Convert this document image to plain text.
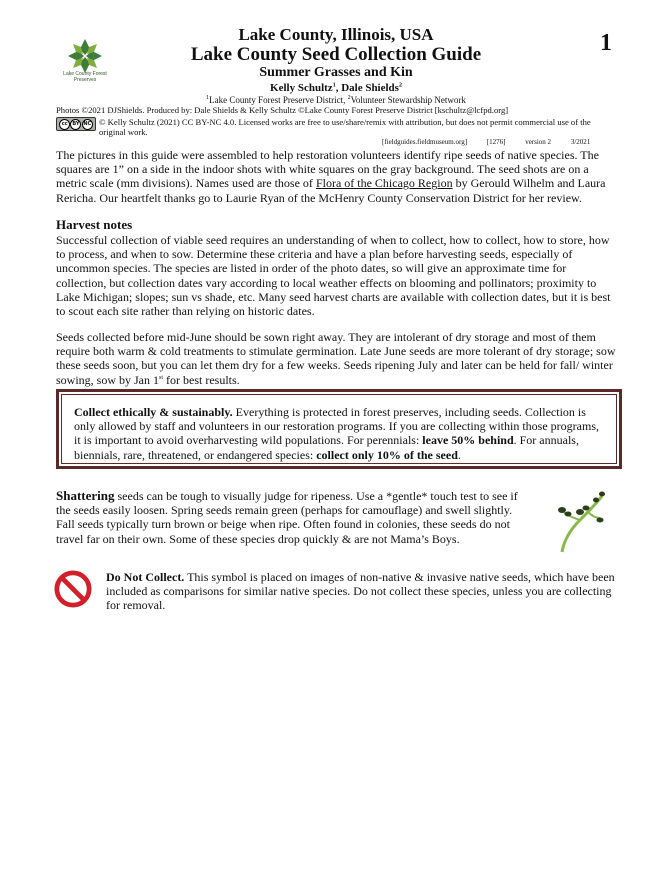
Lake County Forest Preserves
1
Lake County, Illinois, USA
Lake County Seed Collection Guide
Summer Grasses and Kin
Kelly Schultz$^1$, Dale Shields$^2$
$^1$Lake County Forest Preserve District, $^2$Volunteer Stewardship Network
Photos ©2021 DJShields. Produced by: Dale Shields & Kelly Schultz ©Lake County Forest Preserve District [kschultz@lcfpd.org]
cc BY NC © Kelly Schultz (2021) CC BY-NC 4.0. Licensed works are free to use/share/remix with attribution, but does not permit commercial use of the original work.
[fieldguides.fieldmuseum.org]	[1276]	version 2	3/2021
The pictures in this guide were assembled to help restoration volunteers identify ripe seeds of native species. The squares are 1” on a side in the indoor shots with white squares on the gray background. The seed shots are on a metric scale (mm divisions). Names used are those of Flora of the Chicago Region by Gerould Wilhelm and Laura Rericha. Our heartfelt thanks go to Laurie Ryan of the McHenry County Conservation District for her review.
Harvest notes
Successful collection of viable seed requires an understanding of when to collect, how to collect, how to store, how to process, and when to sow. Determine these criteria and have a plan before harvesting seeds, especially of uncommon species. The species are listed in order of the photo dates, so will give an approximate time for collection, but collection dates vary according to local weather effects on blooming and pollinators; proximity to Lake Michigan; slopes; sun vs shade, etc. Many seed harvest charts are available with collection dates, but it is best to scout each site rather than relying on historic dates.
Seeds collected before mid-June should be sown right away. They are intolerant of dry storage and most of them require both warm & cold treatments to stimulate germination. Late June seeds are more tolerant of dry storage; sow these seeds soon, but you can let them dry for a few weeks. Seeds ripening July and later can be held for fall/ winter sowing, sow by Jan 1st for best results.
Collect ethically & sustainably. Everything is protected in forest preserves, including seeds. Collection is only allowed by staff and volunteers in our restoration programs. If you are collecting within those programs, it is important to avoid overharvesting wild populations. For perennials: leave 50% behind. For annuals, biennials, rare, threatened, or endangered species: collect only 10% of the seed.
Shattering seeds can be tough to visually judge for ripeness. Use a *gentle* touch test to see if the seeds easily loosen. Spring seeds remain green (perhaps for camouflage) and swell slightly. Fall seeds typically turn brown or beige when ripe. Often found in colonies, these seeds do not travel far on their own. Some of these species drop quickly & are not Mama’s Boys.
Do Not Collect. This symbol is placed on images of non-native & invasive native seeds, which have been included as comparisons for similar native species. Do not collect these species, unless you are collecting for removal.
